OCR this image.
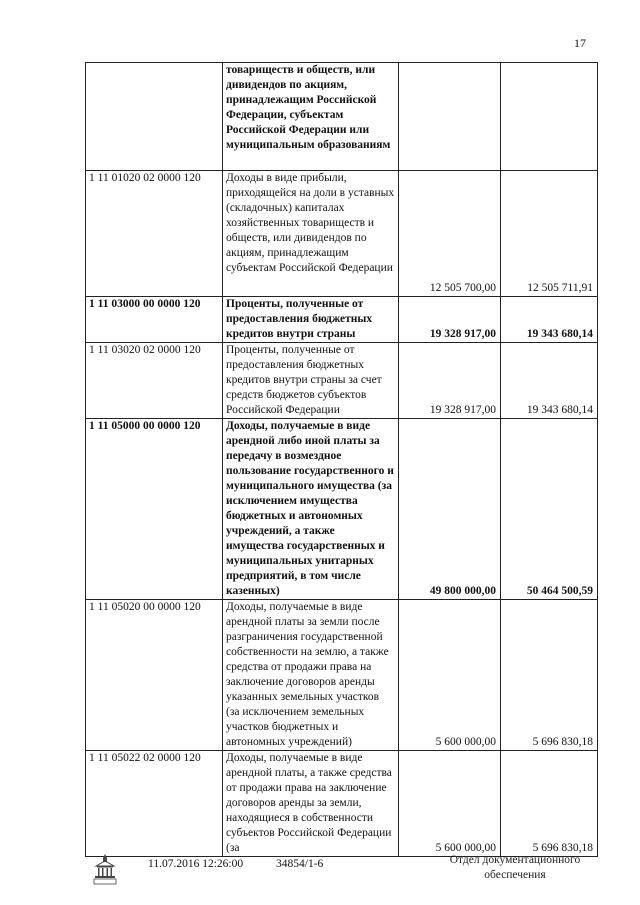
17
	товариществ и обществ, или дивидендов по акциям, принадлежащим Российской Федерации, субъектам Российской Федерации или муниципальным образованиям		
1 11 01020 02 0000 120	Доходы в виде прибыли, приходящейся на доли в уставных (складочных) капиталах хозяйственных товариществ и обществ, или дивидендов по акциям, принадлежащим субъектам Российской Федерации	12 505 700,00	12 505 711,91
1 11 03000 00 0000 120	Проценты, полученные от предоставления бюджетных кредитов внутри страны	19 328 917,00	19 343 680,14
1 11 03020 02 0000 120	Проценты, полученные от предоставления бюджетных кредитов внутри страны за счет средств бюджетов субъектов Российской Федерации	19 328 917,00	19 343 680,14
1 11 05000 00 0000 120	Доходы, получаемые в виде арендной либо иной платы за передачу в возмездное пользование государственного и муниципального имущества (за исключением имущества бюджетных и автономных учреждений, а также имущества государственных и муниципальных унитарных предприятий, в том числе казенных)	49 800 000,00	50 464 500,59
1 11 05020 00 0000 120	Доходы, получаемые в виде арендной платы за земли после разграничения государственной собственности на землю, а также средства от продажи права на заключение договоров аренды указанных земельных участков (за исключением земельных участков бюджетных и автономных учреждений)	5 600 000,00	5 696 830,18
1 11 05022 02 0000 120	Доходы, получаемые в виде арендной платы, а также средства от продажи права на заключение договоров аренды за земли, находящиеся в собственности субъектов Российской Федерации (за	5 600 000,00	5 696 830,18
11.07.2016 12:26:00	34854/1-6	Отдел документационного
обеспечения
